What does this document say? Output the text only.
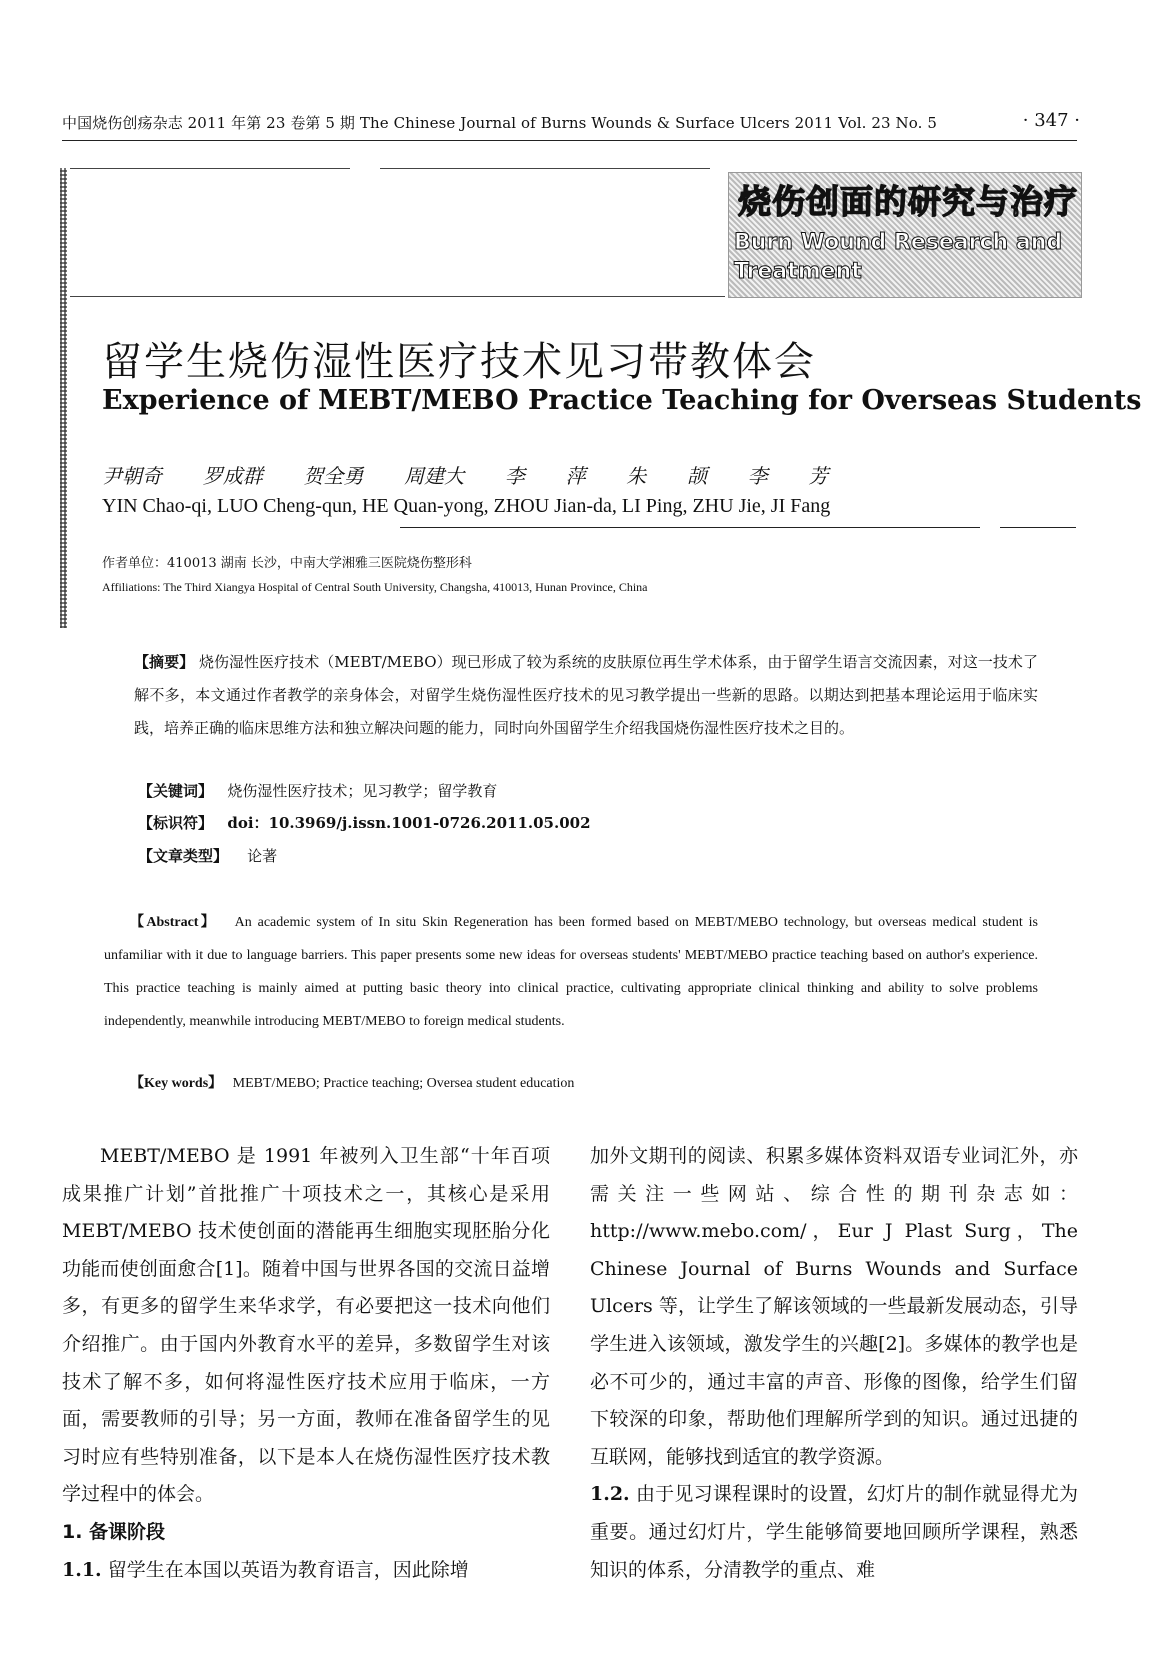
中国烧伤创疡杂志 2011 年第 23 卷第 5 期 The Chinese Journal of Burns Wounds & Surface Ulcers 2011 Vol. 23 No. 5	· 347 ·
烧伤创面的研究与治疗
Burn Wound Research and Treatment
留学生烧伤湿性医疗技术见习带教体会
Experience of MEBT/MEBO Practice Teaching for Overseas Students
尹朝奇  罗成群  贺全勇  周建大  李  萍  朱  颉  李  芳
YIN Chao-qi, LUO Cheng-qun, HE Quan-yong, ZHOU Jian-da, LI Ping, ZHU Jie, JI Fang
作者单位：410013 湖南 长沙，中南大学湘雅三医院烧伤整形科
Affiliations: The Third Xiangya Hospital of Central South University, Changsha, 410013, Hunan Province, China
【摘要】 烧伤湿性医疗技术（MEBT/MEBO）现已形成了较为系统的皮肤原位再生学术体系，由于留学生语言交流因素，对这一技术了解不多，本文通过作者教学的亲身体会，对留学生烧伤湿性医疗技术的见习教学提出一些新的思路。以期达到把基本理论运用于临床实践，培养正确的临床思维方法和独立解决问题的能力，同时向外国留学生介绍我国烧伤湿性医疗技术之目的。
【关键词】 烧伤湿性医疗技术；见习教学；留学教育
【标识符】 doi：10.3969/j.issn.1001-0726.2011.05.002
【文章类型】 论著
【Abstract】 An academic system of In situ Skin Regeneration has been formed based on MEBT/MEBO technology, but overseas medical student is unfamiliar with it due to language barriers. This paper presents some new ideas for overseas students' MEBT/MEBO practice teaching based on author's experience. This practice teaching is mainly aimed at putting basic theory into clinical practice, cultivating appropriate clinical thinking and ability to solve problems independently, meanwhile introducing MEBT/MEBO to foreign medical students.
【Key words】 MEBT/MEBO; Practice teaching; Oversea student education

MEBT/MEBO 是 1991 年被列入卫生部“十年百项成果推广计划”首批推广十项技术之一，其核心是采用 MEBT/MEBO 技术使创面的潜能再生细胞实现胚胎分化功能而使创面愈合[1]。随着中国与世界各国的交流日益增多，有更多的留学生来华求学，有必要把这一技术向他们介绍推广。由于国内外教育水平的差异，多数留学生对该技术了解不多，如何将湿性医疗技术应用于临床，一方面，需要教师的引导；另一方面，教师在准备留学生的见习时应有些特别准备，以下是本人在烧伤湿性医疗技术教学过程中的体会。

1. 备课阶段

1.1. 留学生在本国以英语为教育语言，因此除增

加外文期刊的阅读、积累多媒体资料双语专业词汇外，亦需关注一些网站、综合性的期刊杂志如：http://www.mebo.com/，Eur J Plast Surg，The Chinese Journal of Burns Wounds and Surface Ulcers 等，让学生了解该领域的一些最新发展动态，引导学生进入该领域，激发学生的兴趣[2]。多媒体的教学也是必不可少的，通过丰富的声音、形像的图像，给学生们留下较深的印象，帮助他们理解所学到的知识。通过迅捷的互联网，能够找到适宜的教学资源。

1.2. 由于见习课程课时的设置，幻灯片的制作就显得尤为重要。通过幻灯片，学生能够简要地回顾所学课程，熟悉知识的体系，分清教学的重点、难
